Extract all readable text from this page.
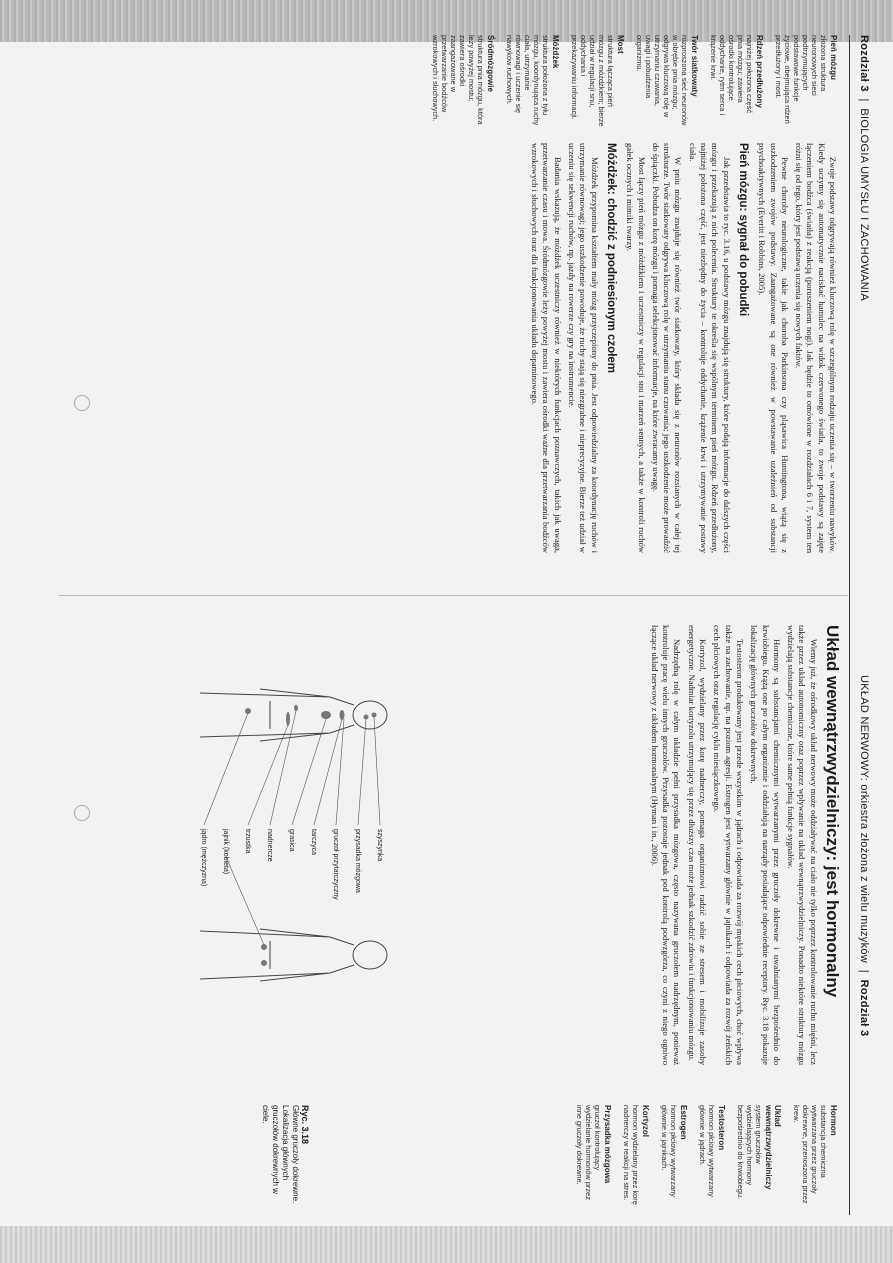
Rozdział 3  |  BIOLOGIA UMYSŁU I ZACHOWANIA
UKŁAD NERWOWY: orkiestra złożona z wielu muzyków  |  Rozdział 3
Pień mózgu
złożona struktura neuronowych sieci podtrzymujących podstawowe funkcje życiowe, obejmująca rdzeń przedłużony i most.
Rdzeń przedłużony
najniżej położona część pnia mózgu; zawiera ośrodki kontrolujące oddychanie, rytm serca i krążenie krwi.
Twór siatkowaty
rozproszona sieć neuronów w obrębie pnia mózgu; odgrywa kluczową rolę w utrzymaniu czuwania, uwagi i pobudzenia organizmu.
Most
struktura łącząca pień mózgu z móżdżkiem; bierze udział w regulacji snu, oddychania i przekazywaniu informacji.
Móżdżek
struktura położona z tyłu mózgu, koordynująca ruchy ciała, utrzymanie równowagi i uczenie się nawyków ruchowych.
Śródmózgowie
struktura pnia mózgu, która leży powyżej mostu; zawiera ośrodki zaangażowane w przetwarzanie bodźców wzrokowych i słuchowych.

Zwoje podstawy odgrywają również kluczową rolę w szczególnym rodzaju uczenia się – w tworzeniu nawyków. Kiedy uczymy się automatycznie naciskać hamulec na widok czerwonego światła, to zwoje podstawy są zajęte łączeniem bodźca (światła) z reakcją (poruszeniem nogi). Jak będzie to omówione w rozdziałach 6 i 7, system ten różni się od tego, który jest podstawą uczenia się nowych faktów.

Pewne choroby neurologiczne, takie jak choroba Parkinsona czy pląsawica Huntingtona, wiążą się z uszkodzeniem zwojów podstawy. Zaangażowane są one również w powstawanie uzależnień od substancji psychoaktywnych (Everitt i Robbins, 2005).

Pień mózgu: sygnał do pobudki

Jak przedstawia to ryc. 3.16, u podstawy mózgu znajdują się struktury, które podają informacje do dalszych części mózgu i przekazują z nich polecenia. Struktury te określa się wspólnym terminem pień mózgu. Rdzeń przedłużony, najniżej położona część, jest niezbędny do życia – kontroluje oddychanie, krążenie krwi i utrzymywanie postawy ciała.

W pniu mózgu znajduje się również twór siatkowaty, który składa się z neuronów rozsianych w całej tej strukturze. Twór siatkowaty odgrywa kluczową rolę w utrzymaniu stanu czuwania; jego uszkodzenie może prowadzić do śpiączki. Pobudza on korę mózgu i pomaga selekcjonować informacje, na które zwracamy uwagę.

Most łączy pień mózgu z móżdżkiem i uczestniczy w regulacji snu i marzeń sennych, a także w kontroli ruchów gałek ocznych i mimiki twarzy.

Móżdżek: chodzić z podniesionym czołem

Móżdżek przypomina kształtem mały mózg przyczepiony do pnia. Jest odpowiedzialny za koordynację ruchów i utrzymanie równowagi; jego uszkodzenie powoduje, że ruchy stają się niezgrabne i nieprecyzyjne. Bierze też udział w uczeniu się sekwencji ruchów, np. jazdy na rowerze czy gry na instrumencie.

Badania wskazują, że móżdżek uczestniczy również w niektórych funkcjach poznawczych, takich jak uwaga, przetwarzanie czasu i mowa. Śródmózgowie leży powyżej mostu i zawiera ośrodki ważne dla przetwarzania bodźców wzrokowych i słuchowych oraz dla funkcjonowania układu dopaminowego.

Układ wewnątrzwydzielniczy: jest hormonalny

Wiemy już, że ośrodkowy układ nerwowy może oddziaływać na ciało nie tylko poprzez kontrolowanie ruchu mięśni, lecz także przez układ autonomiczny oraz poprzez wpływanie na układ wewnątrzwydzielniczy. Ponadto niektóre struktury mózgu wydzielają substancje chemiczne, które same pełnią funkcje sygnałów.

Hormony są substancjami chemicznymi wytwarzanymi przez gruczoły dokrewne i uwalnianymi bezpośrednio do krwiobiegu. Krążą one po całym organizmie i oddziałują na narządy posiadające odpowiednie receptory. Ryc. 3.18 pokazuje lokalizację głównych gruczołów dokrewnych.

Testosteron produkowany jest przede wszystkim w jądrach i odpowiada za rozwój męskich cech płciowych, choć wpływa także na zachowanie, np. na poziom agresji. Estrogen jest wytwarzany głównie w jajnikach i odpowiada za rozwój żeńskich cech płciowych oraz regulację cyklu miesiączkowego.

Kortyzol, wydzielany przez korę nadnerczy, pomaga organizmowi radzić sobie ze stresem i mobilizuje zasoby energetyczne. Nadmiar kortyzolu utrzymujący się przez dłuższy czas może jednak szkodzić zdrowiu i funkcjonowaniu mózgu.

Nadrzędną rolę w całym układzie pełni przysadka mózgowa, często nazywana gruczołem nadrzędnym, ponieważ kontroluje pracę wielu innych gruczołów. Przysadka pozostaje jednak pod kontrolą podwzgórza, co czyni z niego ogniwo łączące układ nerwowy z układem hormonalnym (Hyman i in., 2006).

szyszynka
przysadka mózgowa
gruczoł przytarczyczny
tarczyca
grasica
nadnercze
trzustka
jajnik (kobieta)
jądro (mężczyzna)
Ryc. 3.18
Główne gruczoły dokrewne. Lokalizacja głównych gruczołów dokrewnych w ciele.	Hormon
substancja chemiczna wytwarzana przez gruczoły dokrewne, przenoszona przez krew.
Układ wewnątrzwydzielniczy
system gruczołów wydzielających hormony bezpośrednio do krwiobiegu.
Testosteron
hormon płciowy wytwarzany głównie w jądrach.
Estrogen
hormon płciowy wytwarzany głównie w jajnikach.
Kortyzol
hormon wydzielany przez korę nadnerczy w reakcji na stres.
Przysadka mózgowa
gruczoł kontrolujący wydzielanie hormonów przez inne gruczoły dokrewne.
